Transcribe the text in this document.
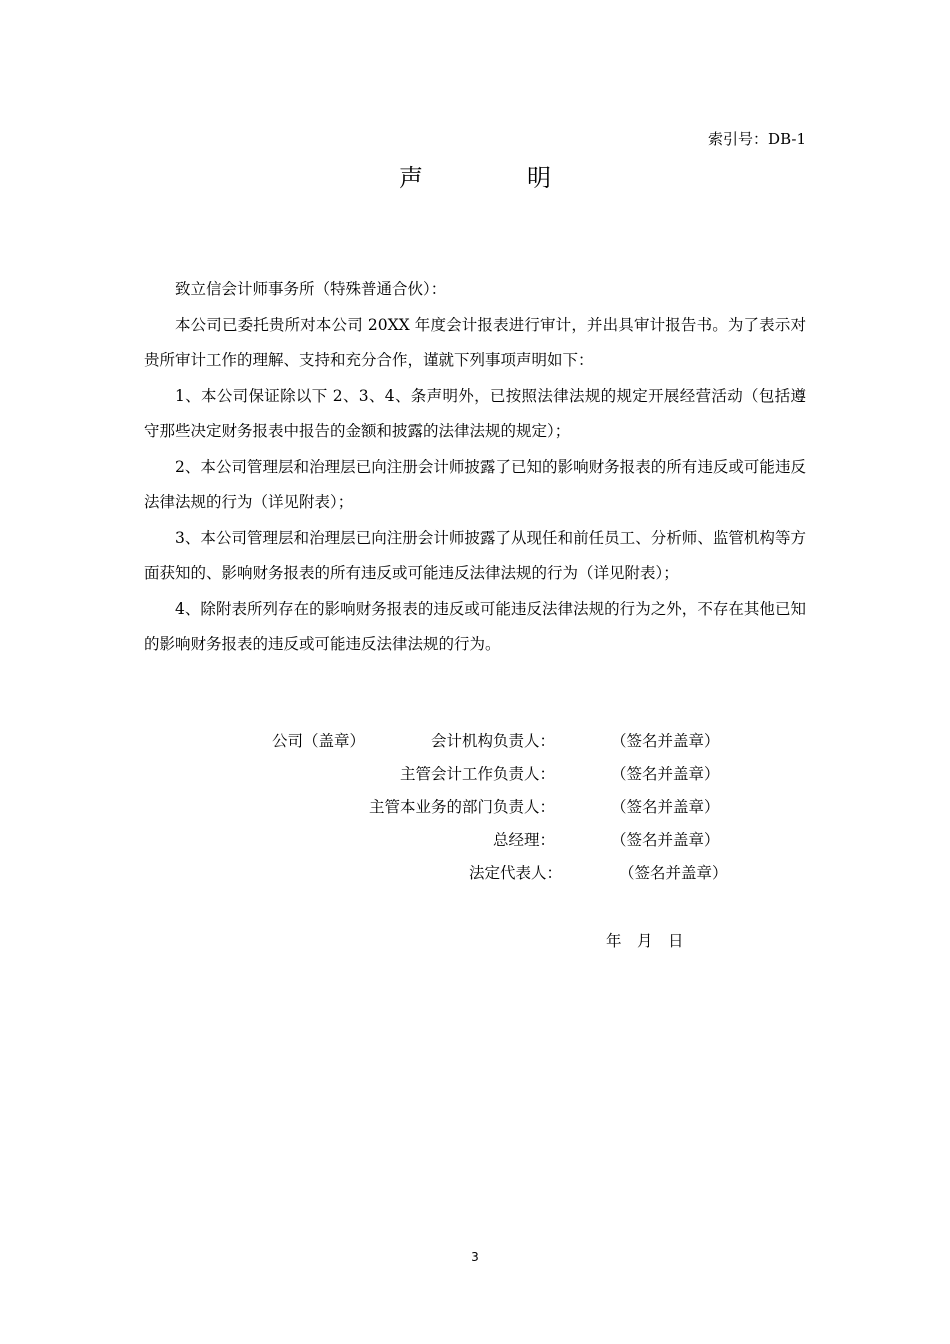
索引号：DB-1
声明

致立信会计师事务所（特殊普通合伙）：

本公司已委托贵所对本公司 20XX 年度会计报表进行审计，并出具审计报告书。为了表示对贵所审计工作的理解、支持和充分合作，谨就下列事项声明如下：

1、本公司保证除以下 2、3、4、条声明外，已按照法律法规的规定开展经营活动（包括遵守那些决定财务报表中报告的金额和披露的法律法规的规定）；

2、本公司管理层和治理层已向注册会计师披露了已知的影响财务报表的所有违反或可能违反法律法规的行为（详见附表）；

3、本公司管理层和治理层已向注册会计师披露了从现任和前任员工、分析师、监管机构等方面获知的、影响财务报表的所有违反或可能违反法律法规的行为（详见附表）；

4、除附表所列存在的影响财务报表的违反或可能违反法律法规的行为之外，不存在其他已知的影响财务报表的违反或可能违反法律法规的行为。

公司（盖章）	会计机构负责人：	（签名并盖章）
主管会计工作负责人：	（签名并盖章）
主管本业务的部门负责人：	（签名并盖章）
总经理：	（签名并盖章）
法定代表人：	（签名并盖章）
年　月　日
3
